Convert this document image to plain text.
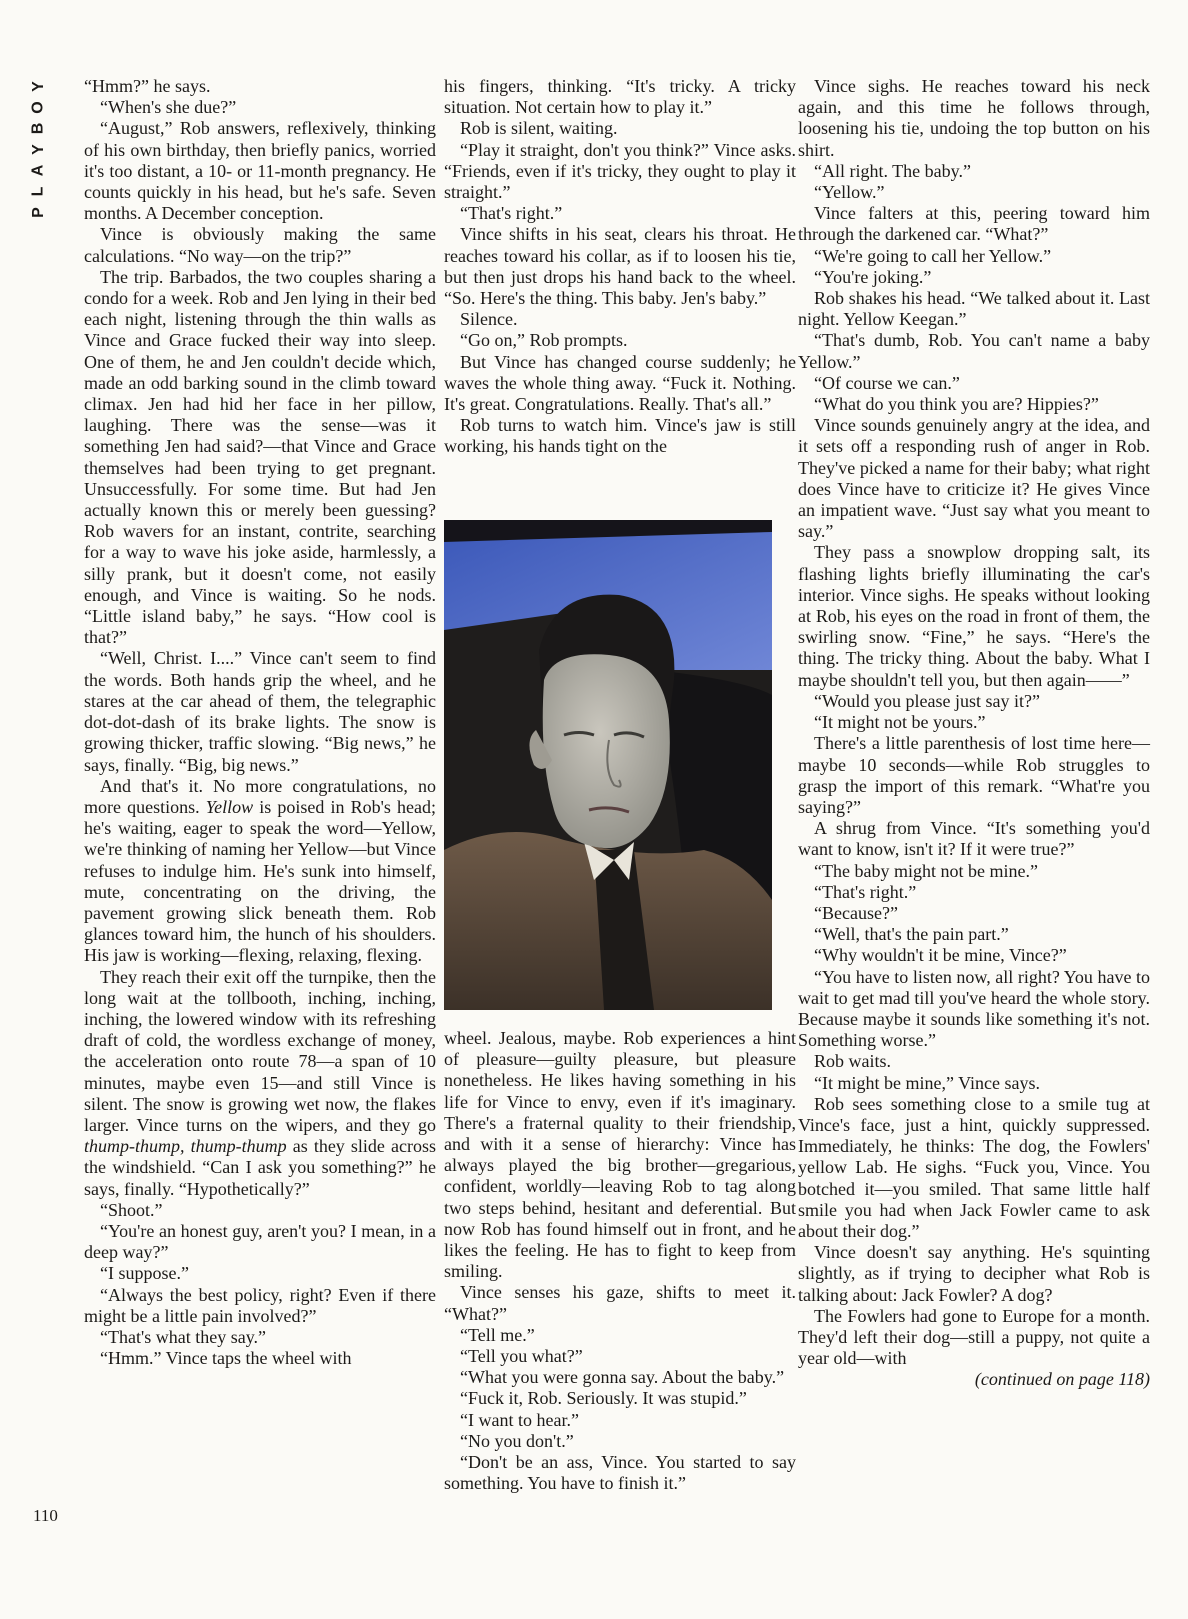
Y
O
B
Y
A
L
P
110

“Hmm?” he says.

“When's she due?”

“August,” Rob answers, reflexively, thinking of his own birthday, then briefly panics, worried it's too distant, a 10- or 11-month pregnancy. He counts quickly in his head, but he's safe. Seven months. A December conception.

Vince is obviously making the same calculations. “No way—on the trip?”

The trip. Barbados, the two couples sharing a condo for a week. Rob and Jen lying in their bed each night, listening through the thin walls as Vince and Grace fucked their way into sleep. One of them, he and Jen couldn't decide which, made an odd barking sound in the climb toward climax. Jen had hid her face in her pillow, laughing. There was the sense—was it something Jen had said?—that Vince and Grace themselves had been trying to get pregnant. Unsuccessfully. For some time. But had Jen actually known this or merely been guessing? Rob wavers for an instant, contrite, searching for a way to wave his joke aside, harmlessly, a silly prank, but it doesn't come, not easily enough, and Vince is waiting. So he nods. “Little island baby,” he says. “How cool is that?”

“Well, Christ. I....” Vince can't seem to find the words. Both hands grip the wheel, and he stares at the car ahead of them, the telegraphic dot-dot-dash of its brake lights. The snow is growing thicker, traffic slowing. “Big news,” he says, finally. “Big, big news.”

And that's it. No more congratulations, no more questions. Yellow is poised in Rob's head; he's waiting, eager to speak the word—Yellow, we're thinking of naming her Yellow—but Vince refuses to indulge him. He's sunk into himself, mute, concentrating on the driving, the pavement growing slick beneath them. Rob glances toward him, the hunch of his shoulders. His jaw is working—flexing, relaxing, flexing.

They reach their exit off the turnpike, then the long wait at the tollbooth, inching, inching, inching, the lowered window with its refreshing draft of cold, the wordless exchange of money, the acceleration onto route 78—a span of 10 minutes, maybe even 15—and still Vince is silent. The snow is growing wet now, the flakes larger. Vince turns on the wipers, and they go thump-thump, thump-thump as they slide across the windshield. “Can I ask you something?” he says, finally. “Hypothetically?”

“Shoot.”

“You're an honest guy, aren't you? I mean, in a deep way?”

“I suppose.”

“Always the best policy, right? Even if there might be a little pain involved?”

“That's what they say.”

“Hmm.” Vince taps the wheel with

his fingers, thinking. “It's tricky. A tricky situation. Not certain how to play it.”

Rob is silent, waiting.

“Play it straight, don't you think?” Vince asks. “Friends, even if it's tricky, they ought to play it straight.”

“That's right.”

Vince shifts in his seat, clears his throat. He reaches toward his collar, as if to loosen his tie, but then just drops his hand back to the wheel. “So. Here's the thing. This baby. Jen's baby.”

Silence.

“Go on,” Rob prompts.

But Vince has changed course suddenly; he waves the whole thing away. “Fuck it. Nothing. It's great. Congratulations. Really. That's all.”

Rob turns to watch him. Vince's jaw is still working, his hands tight on the

wheel. Jealous, maybe. Rob experiences a hint of pleasure—guilty pleasure, but pleasure nonetheless. He likes having something in his life for Vince to envy, even if it's imaginary. There's a fraternal quality to their friendship, and with it a sense of hierarchy: Vince has always played the big brother—gregarious, confident, worldly—leaving Rob to tag along two steps behind, hesitant and deferential. But now Rob has found himself out in front, and he likes the feeling. He has to fight to keep from smiling.

Vince senses his gaze, shifts to meet it. “What?”

“Tell me.”

“Tell you what?”

“What you were gonna say. About the baby.”

“Fuck it, Rob. Seriously. It was stupid.”

“I want to hear.”

“No you don't.”

“Don't be an ass, Vince. You started to say something. You have to finish it.”

Vince sighs. He reaches toward his neck again, and this time he follows through, loosening his tie, undoing the top button on his shirt.

“All right. The baby.”

“Yellow.”

Vince falters at this, peering toward him through the darkened car. “What?”

“We're going to call her Yellow.”

“You're joking.”

Rob shakes his head. “We talked about it. Last night. Yellow Keegan.”

“That's dumb, Rob. You can't name a baby Yellow.”

“Of course we can.”

“What do you think you are? Hippies?”

Vince sounds genuinely angry at the idea, and it sets off a responding rush of anger in Rob. They've picked a name for their baby; what right does Vince have to criticize it? He gives Vince an impatient wave. “Just say what you meant to say.”

They pass a snowplow dropping salt, its flashing lights briefly illuminating the car's interior. Vince sighs. He speaks without looking at Rob, his eyes on the road in front of them, the swirling snow. “Fine,” he says. “Here's the thing. The tricky thing. About the baby. What I maybe shouldn't tell you, but then again——”

“Would you please just say it?”

“It might not be yours.”

There's a little parenthesis of lost time here—maybe 10 seconds—while Rob struggles to grasp the import of this remark. “What're you saying?”

A shrug from Vince. “It's something you'd want to know, isn't it? If it were true?”

“The baby might not be mine.”

“That's right.”

“Because?”

“Well, that's the pain part.”

“Why wouldn't it be mine, Vince?”

“You have to listen now, all right? You have to wait to get mad till you've heard the whole story. Because maybe it sounds like something it's not. Something worse.”

Rob waits.

“It might be mine,” Vince says.

Rob sees something close to a smile tug at Vince's face, just a hint, quickly suppressed. Immediately, he thinks: The dog, the Fowlers' yellow Lab. He sighs. “Fuck you, Vince. You botched it—you smiled. That same little half smile you had when Jack Fowler came to ask about their dog.”

Vince doesn't say anything. He's squinting slightly, as if trying to decipher what Rob is talking about: Jack Fowler? A dog?

The Fowlers had gone to Europe for a month. They'd left their dog—still a puppy, not quite a year old—with

(continued on page 118)
